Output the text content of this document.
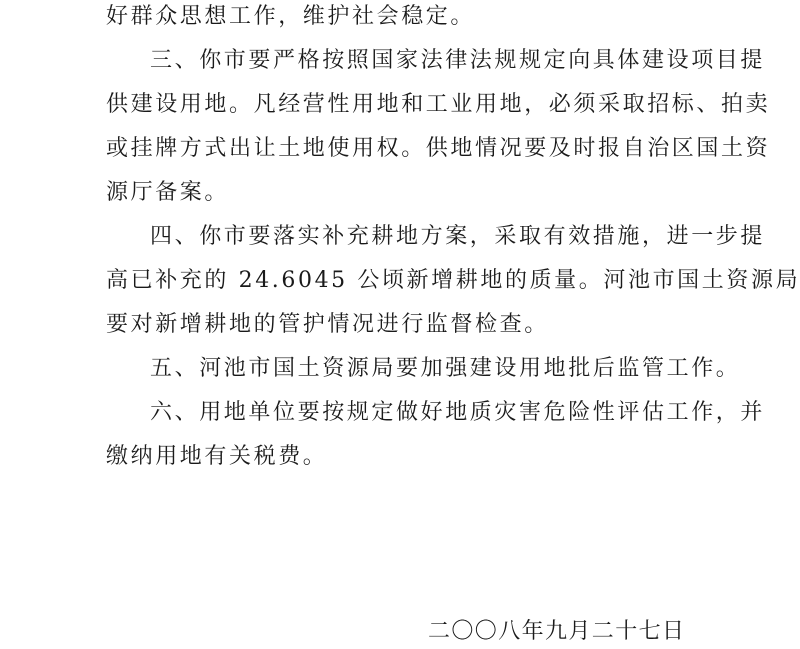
好群众思想工作，维护社会稳定。
三、你市要严格按照国家法律法规规定向具体建设项目提
供建设用地。凡经营性用地和工业用地，必须采取招标、拍卖
或挂牌方式出让土地使用权。供地情况要及时报自治区国土资
源厅备案。
四、你市要落实补充耕地方案，采取有效措施，进一步提
高已补充的 24.6045 公顷新增耕地的质量。河池市国土资源局
要对新增耕地的管护情况进行监督检查。
五、河池市国土资源局要加强建设用地批后监管工作。
六、用地单位要按规定做好地质灾害危险性评估工作，并
缴纳用地有关税费。
二〇〇八年九月二十七日
